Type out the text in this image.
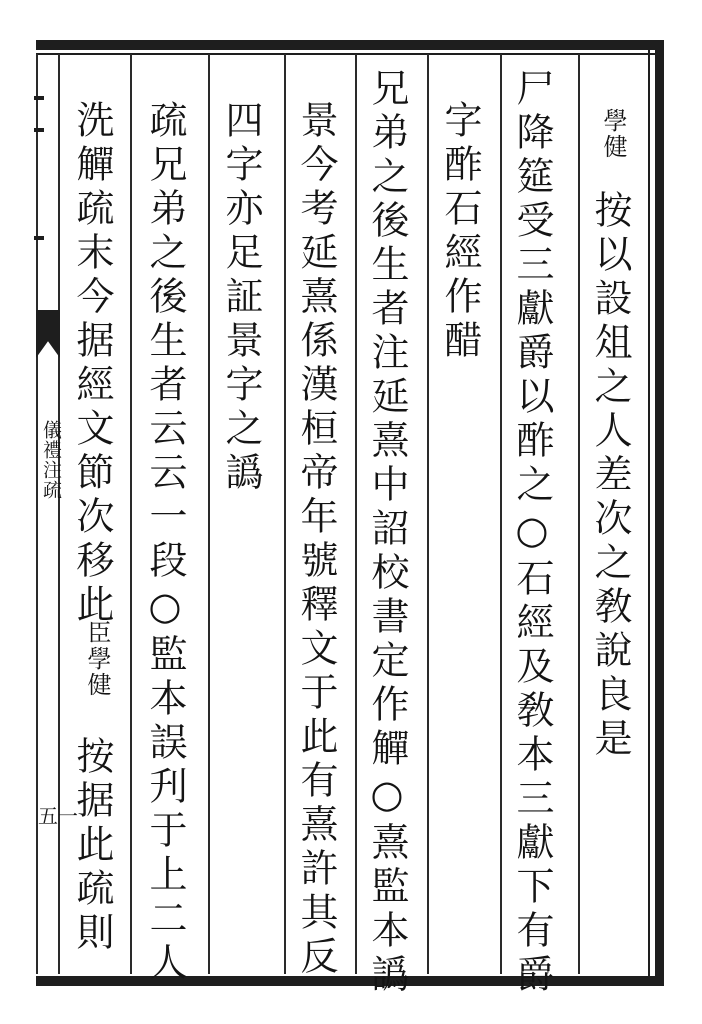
儀禮注疏
五一
學健
按以設俎之人差次之敎說良是
尸降筵受三獻爵以酢之○石經及敎本三獻下有爵
字酢石經作醋
兄弟之後生者注延熹中詔校書定作觶○熹監本譌
景今考延熹係漢桓帝年號釋文于此有熹許其反
四字亦足証景字之譌
疏兄弟之後生者云云一段○監本誤刋于上二人
洗觶疏末今据經文節次移此
臣學健
按据此疏則
